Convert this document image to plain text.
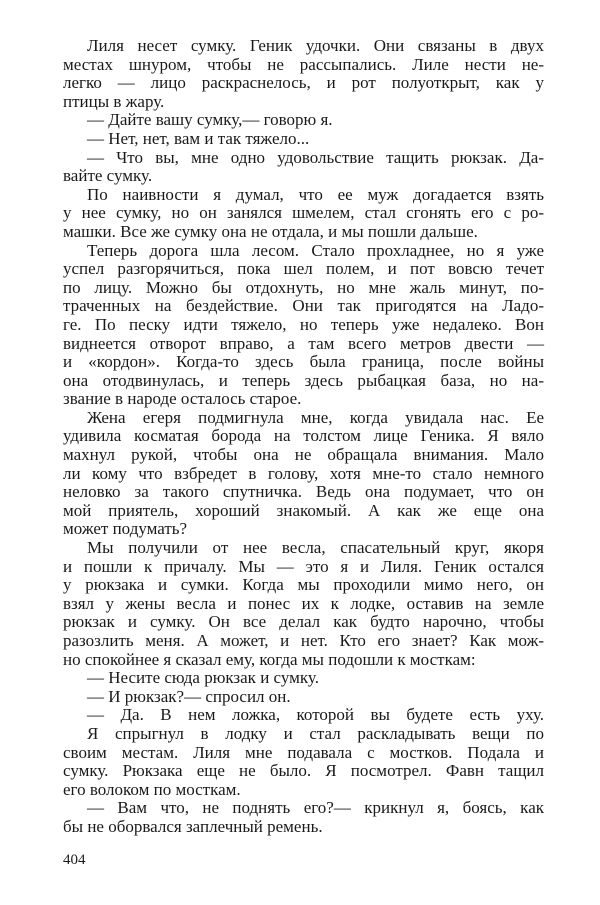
Лиля несет сумку. Геник удочки. Они связаны в двух
местах шнуром, чтобы не рассыпались. Лиле нести не-
легко — лицо раскраснелось, и рот полуоткрыт, как у
птицы в жару.
— Дайте вашу сумку,— говорю я.
— Нет, нет, вам и так тяжело...
— Что вы, мне одно удовольствие тащить рюкзак. Да-
вайте сумку.
По наивности я думал, что ее муж догадается взять
у нее сумку, но он занялся шмелем, стал сгонять его с ро-
машки. Все же сумку она не отдала, и мы пошли дальше.
Теперь дорога шла лесом. Стало прохладнее, но я уже
успел разгорячиться, пока шел полем, и пот вовсю течет
по лицу. Можно бы отдохнуть, но мне жаль минут, по-
траченных на бездействие. Они так пригодятся на Ладо-
ге. По песку идти тяжело, но теперь уже недалеко. Вон
виднеется отворот вправо, а там всего метров двести —
и «кордон». Когда-то здесь была граница, после войны
она отодвинулась, и теперь здесь рыбацкая база, но на-
звание в народе осталось старое.
Жена егеря подмигнула мне, когда увидала нас. Ее
удивила косматая борода на толстом лице Геника. Я вяло
махнул рукой, чтобы она не обращала внимания. Мало
ли кому что взбредет в голову, хотя мне-то стало немного
неловко за такого спутничка. Ведь она подумает, что он
мой приятель, хороший знакомый. А как же еще она
может подумать?
Мы получили от нее весла, спасательный круг, якоря
и пошли к причалу. Мы — это я и Лиля. Геник остался
у рюкзака и сумки. Когда мы проходили мимо него, он
взял у жены весла и понес их к лодке, оставив на земле
рюкзак и сумку. Он все делал как будто нарочно, чтобы
разозлить меня. А может, и нет. Кто его знает? Как мож-
но спокойнее я сказал ему, когда мы подошли к мосткам:
— Несите сюда рюкзак и сумку.
— И рюкзак?— спросил он.
— Да. В нем ложка, которой вы будете есть уху.
Я спрыгнул в лодку и стал раскладывать вещи по
своим местам. Лиля мне подавала с мостков. Подала и
сумку. Рюкзака еще не было. Я посмотрел. Фавн тащил
его волоком по мосткам.
— Вам что, не поднять его?— крикнул я, боясь, как
бы не оборвался заплечный ремень.
404
